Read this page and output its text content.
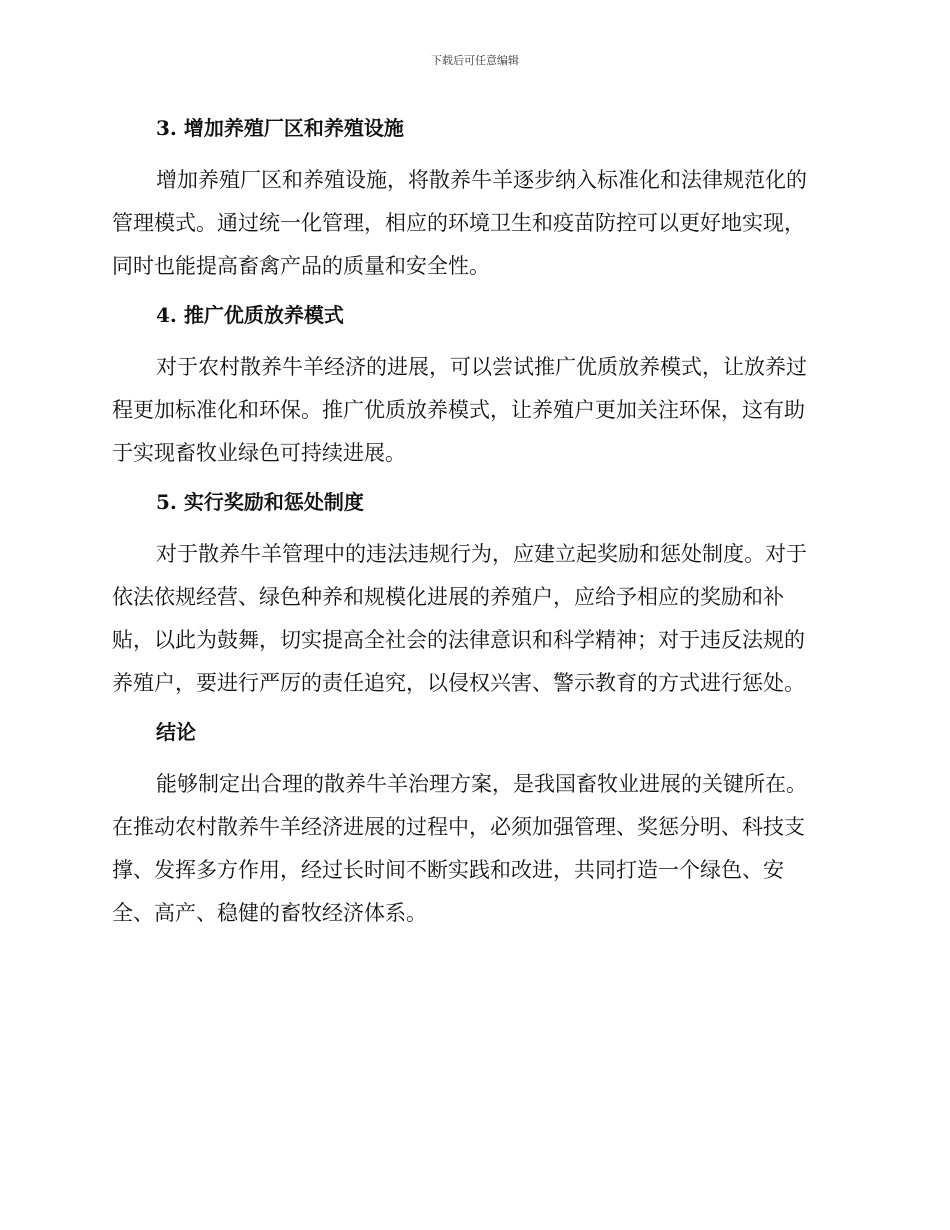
下载后可任意编辑
3. 增加养殖厂区和养殖设施

增加养殖厂区和养殖设施，将散养牛羊逐步纳入标准化和法律规范化的
管理模式。通过统一化管理，相应的环境卫生和疫苗防控可以更好地实现，
同时也能提高畜禽产品的质量和安全性。

4. 推广优质放养模式

对于农村散养牛羊经济的进展，可以尝试推广优质放养模式，让放养过
程更加标准化和环保。推广优质放养模式，让养殖户更加关注环保，这有助
于实现畜牧业绿色可持续进展。

5. 实行奖励和惩处制度

对于散养牛羊管理中的违法违规行为，应建立起奖励和惩处制度。对于
依法依规经营、绿色种养和规模化进展的养殖户，应给予相应的奖励和补
贴，以此为鼓舞，切实提高全社会的法律意识和科学精神；对于违反法规的
养殖户，要进行严厉的责任追究，以侵权兴害、警示教育的方式进行惩处。

结论

能够制定出合理的散养牛羊治理方案，是我国畜牧业进展的关键所在。
在推动农村散养牛羊经济进展的过程中，必须加强管理、奖惩分明、科技支
撑、发挥多方作用，经过长时间不断实践和改进，共同打造一个绿色、安
全、高产、稳健的畜牧经济体系。
